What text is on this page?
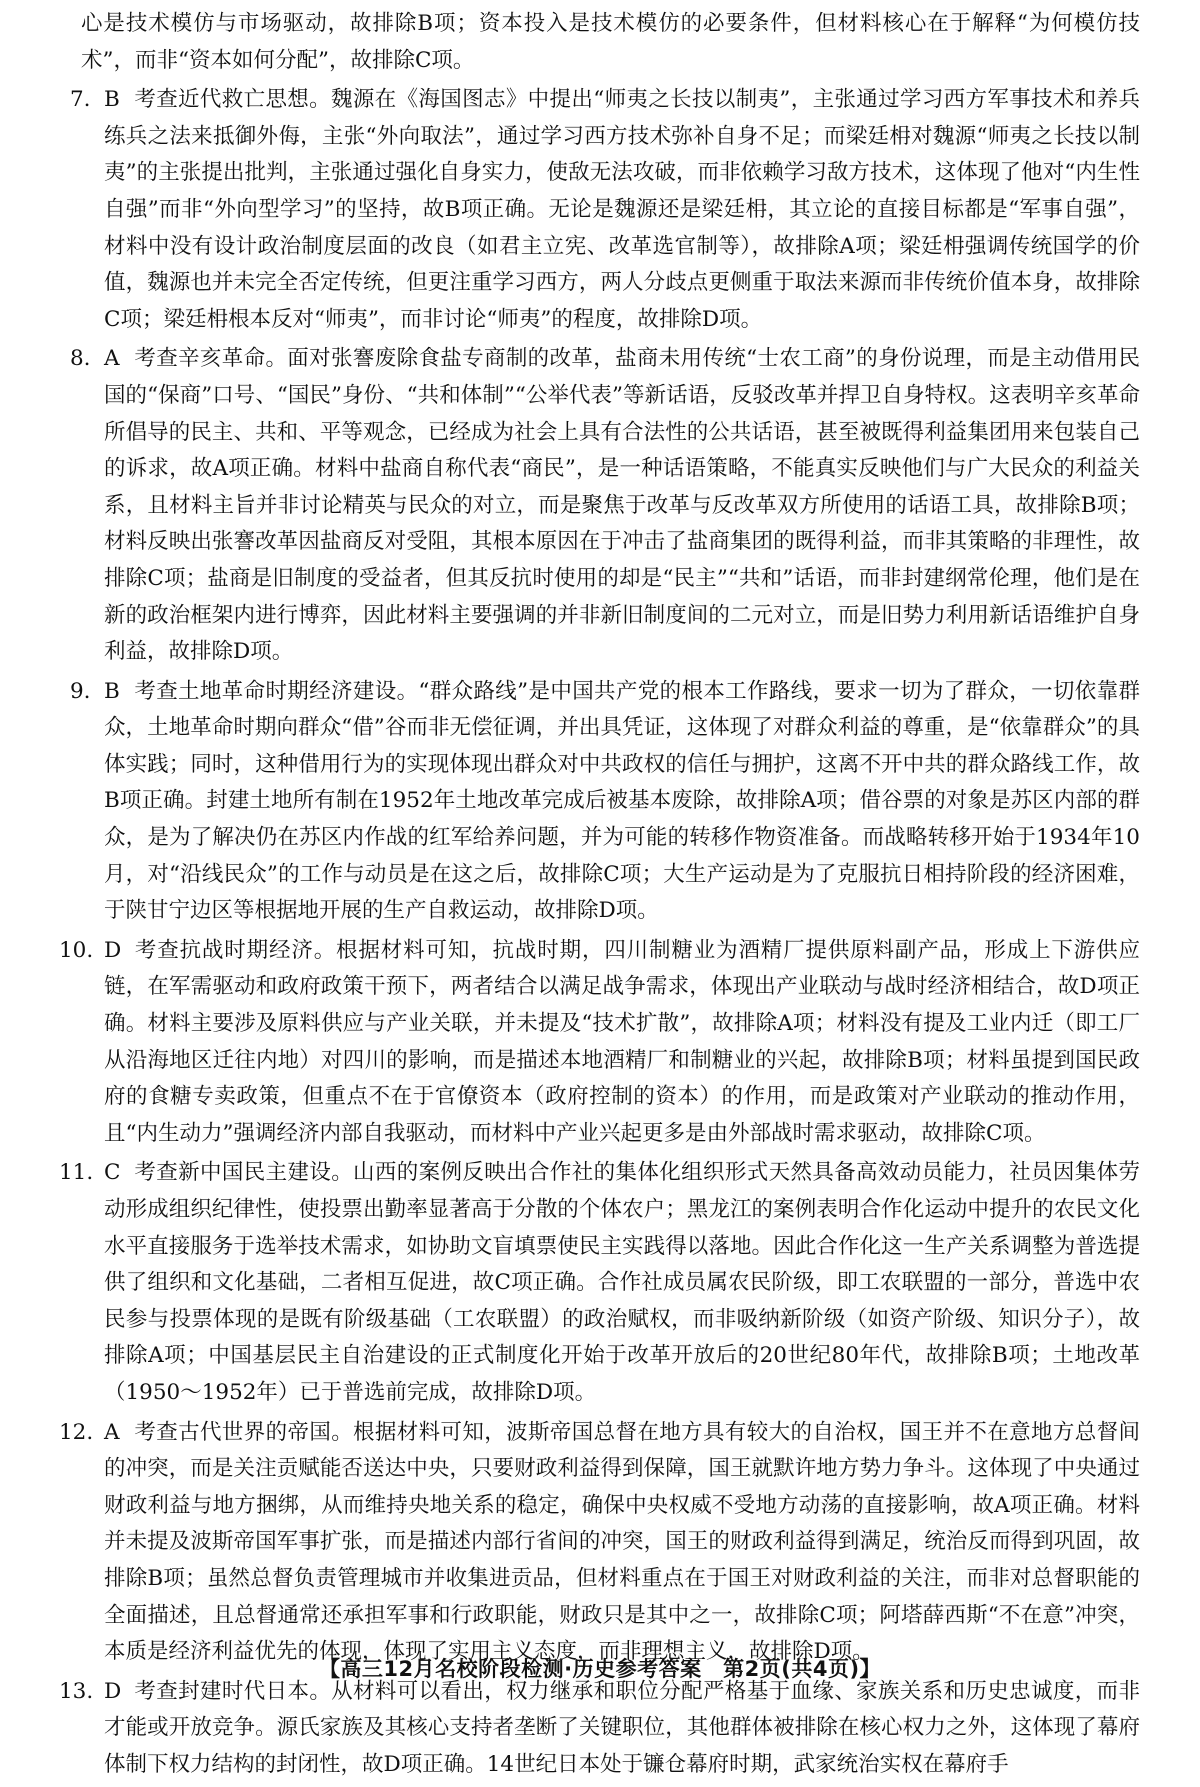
心是技术模仿与市场驱动，故排除B项；资本投入是技术模仿的必要条件，但材料核心在于解释“为何模仿技术”，而非“资本如何分配”，故排除C项。

7. B 考查近代救亡思想。魏源在《海国图志》中提出“师夷之长技以制夷”，主张通过学习西方军事技术和养兵练兵之法来抵御外侮，主张“外向取法”，通过学习西方技术弥补自身不足；而梁廷枏对魏源“师夷之长技以制夷”的主张提出批判，主张通过强化自身实力，使敌无法攻破，而非依赖学习敌方技术，这体现了他对“内生性自强”而非“外向型学习”的坚持，故B项正确。无论是魏源还是梁廷枏，其立论的直接目标都是“军事自强”，材料中没有设计政治制度层面的改良（如君主立宪、改革选官制等），故排除A项；梁廷枏强调传统国学的价值，魏源也并未完全否定传统，但更注重学习西方，两人分歧点更侧重于取法来源而非传统价值本身，故排除C项；梁廷枏根本反对“师夷”，而非讨论“师夷”的程度，故排除D项。

8. A 考查辛亥革命。面对张謇废除食盐专商制的改革，盐商未用传统“士农工商”的身份说理，而是主动借用民国的“保商”口号、“国民”身份、“共和体制”“公举代表”等新话语，反驳改革并捍卫自身特权。这表明辛亥革命所倡导的民主、共和、平等观念，已经成为社会上具有合法性的公共话语，甚至被既得利益集团用来包装自己的诉求，故A项正确。材料中盐商自称代表“商民”，是一种话语策略，不能真实反映他们与广大民众的利益关系，且材料主旨并非讨论精英与民众的对立，而是聚焦于改革与反改革双方所使用的话语工具，故排除B项；材料反映出张謇改革因盐商反对受阻，其根本原因在于冲击了盐商集团的既得利益，而非其策略的非理性，故排除C项；盐商是旧制度的受益者，但其反抗时使用的却是“民主”“共和”话语，而非封建纲常伦理，他们是在新的政治框架内进行博弈，因此材料主要强调的并非新旧制度间的二元对立，而是旧势力利用新话语维护自身利益，故排除D项。

9. B 考查土地革命时期经济建设。“群众路线”是中国共产党的根本工作路线，要求一切为了群众，一切依靠群众，土地革命时期向群众“借”谷而非无偿征调，并出具凭证，这体现了对群众利益的尊重，是“依靠群众”的具体实践；同时，这种借用行为的实现体现出群众对中共政权的信任与拥护，这离不开中共的群众路线工作，故B项正确。封建土地所有制在1952年土地改革完成后被基本废除，故排除A项；借谷票的对象是苏区内部的群众，是为了解决仍在苏区内作战的红军给养问题，并为可能的转移作物资准备。而战略转移开始于1934年10月，对“沿线民众”的工作与动员是在这之后，故排除C项；大生产运动是为了克服抗日相持阶段的经济困难，于陕甘宁边区等根据地开展的生产自救运动，故排除D项。

10. D 考查抗战时期经济。根据材料可知，抗战时期，四川制糖业为酒精厂提供原料副产品，形成上下游供应链，在军需驱动和政府政策干预下，两者结合以满足战争需求，体现出产业联动与战时经济相结合，故D项正确。材料主要涉及原料供应与产业关联，并未提及“技术扩散”，故排除A项；材料没有提及工业内迁（即工厂从沿海地区迁往内地）对四川的影响，而是描述本地酒精厂和制糖业的兴起，故排除B项；材料虽提到国民政府的食糖专卖政策，但重点不在于官僚资本（政府控制的资本）的作用，而是政策对产业联动的推动作用，且“内生动力”强调经济内部自我驱动，而材料中产业兴起更多是由外部战时需求驱动，故排除C项。

11. C 考查新中国民主建设。山西的案例反映出合作社的集体化组织形式天然具备高效动员能力，社员因集体劳动形成组织纪律性，使投票出勤率显著高于分散的个体农户；黑龙江的案例表明合作化运动中提升的农民文化水平直接服务于选举技术需求，如协助文盲填票使民主实践得以落地。因此合作化这一生产关系调整为普选提供了组织和文化基础，二者相互促进，故C项正确。合作社成员属农民阶级，即工农联盟的一部分，普选中农民参与投票体现的是既有阶级基础（工农联盟）的政治赋权，而非吸纳新阶级（如资产阶级、知识分子），故排除A项；中国基层民主自治建设的正式制度化开始于改革开放后的20世纪80年代，故排除B项；土地改革（1950～1952年）已于普选前完成，故排除D项。

12. A 考查古代世界的帝国。根据材料可知，波斯帝国总督在地方具有较大的自治权，国王并不在意地方总督间的冲突，而是关注贡赋能否送达中央，只要财政利益得到保障，国王就默许地方势力争斗。这体现了中央通过财政利益与地方捆绑，从而维持央地关系的稳定，确保中央权威不受地方动荡的直接影响，故A项正确。材料并未提及波斯帝国军事扩张，而是描述内部行省间的冲突，国王的财政利益得到满足，统治反而得到巩固，故排除B项；虽然总督负责管理城市并收集进贡品，但材料重点在于国王对财政利益的关注，而非对总督职能的全面描述，且总督通常还承担军事和行政职能，财政只是其中之一，故排除C项；阿塔薛西斯“不在意”冲突，本质是经济利益优先的体现，体现了实用主义态度，而非理想主义，故排除D项。

13. D 考查封建时代日本。从材料可以看出，权力继承和职位分配严格基于血缘、家族关系和历史忠诚度，而非才能或开放竞争。源氏家族及其核心支持者垄断了关键职位，其他群体被排除在核心权力之外，这体现了幕府体制下权力结构的封闭性，故D项正确。14世纪日本处于镰仓幕府时期，武家统治实权在幕府手

【高三12月名校阶段检测·历史参考答案　第2页(共4页)】
